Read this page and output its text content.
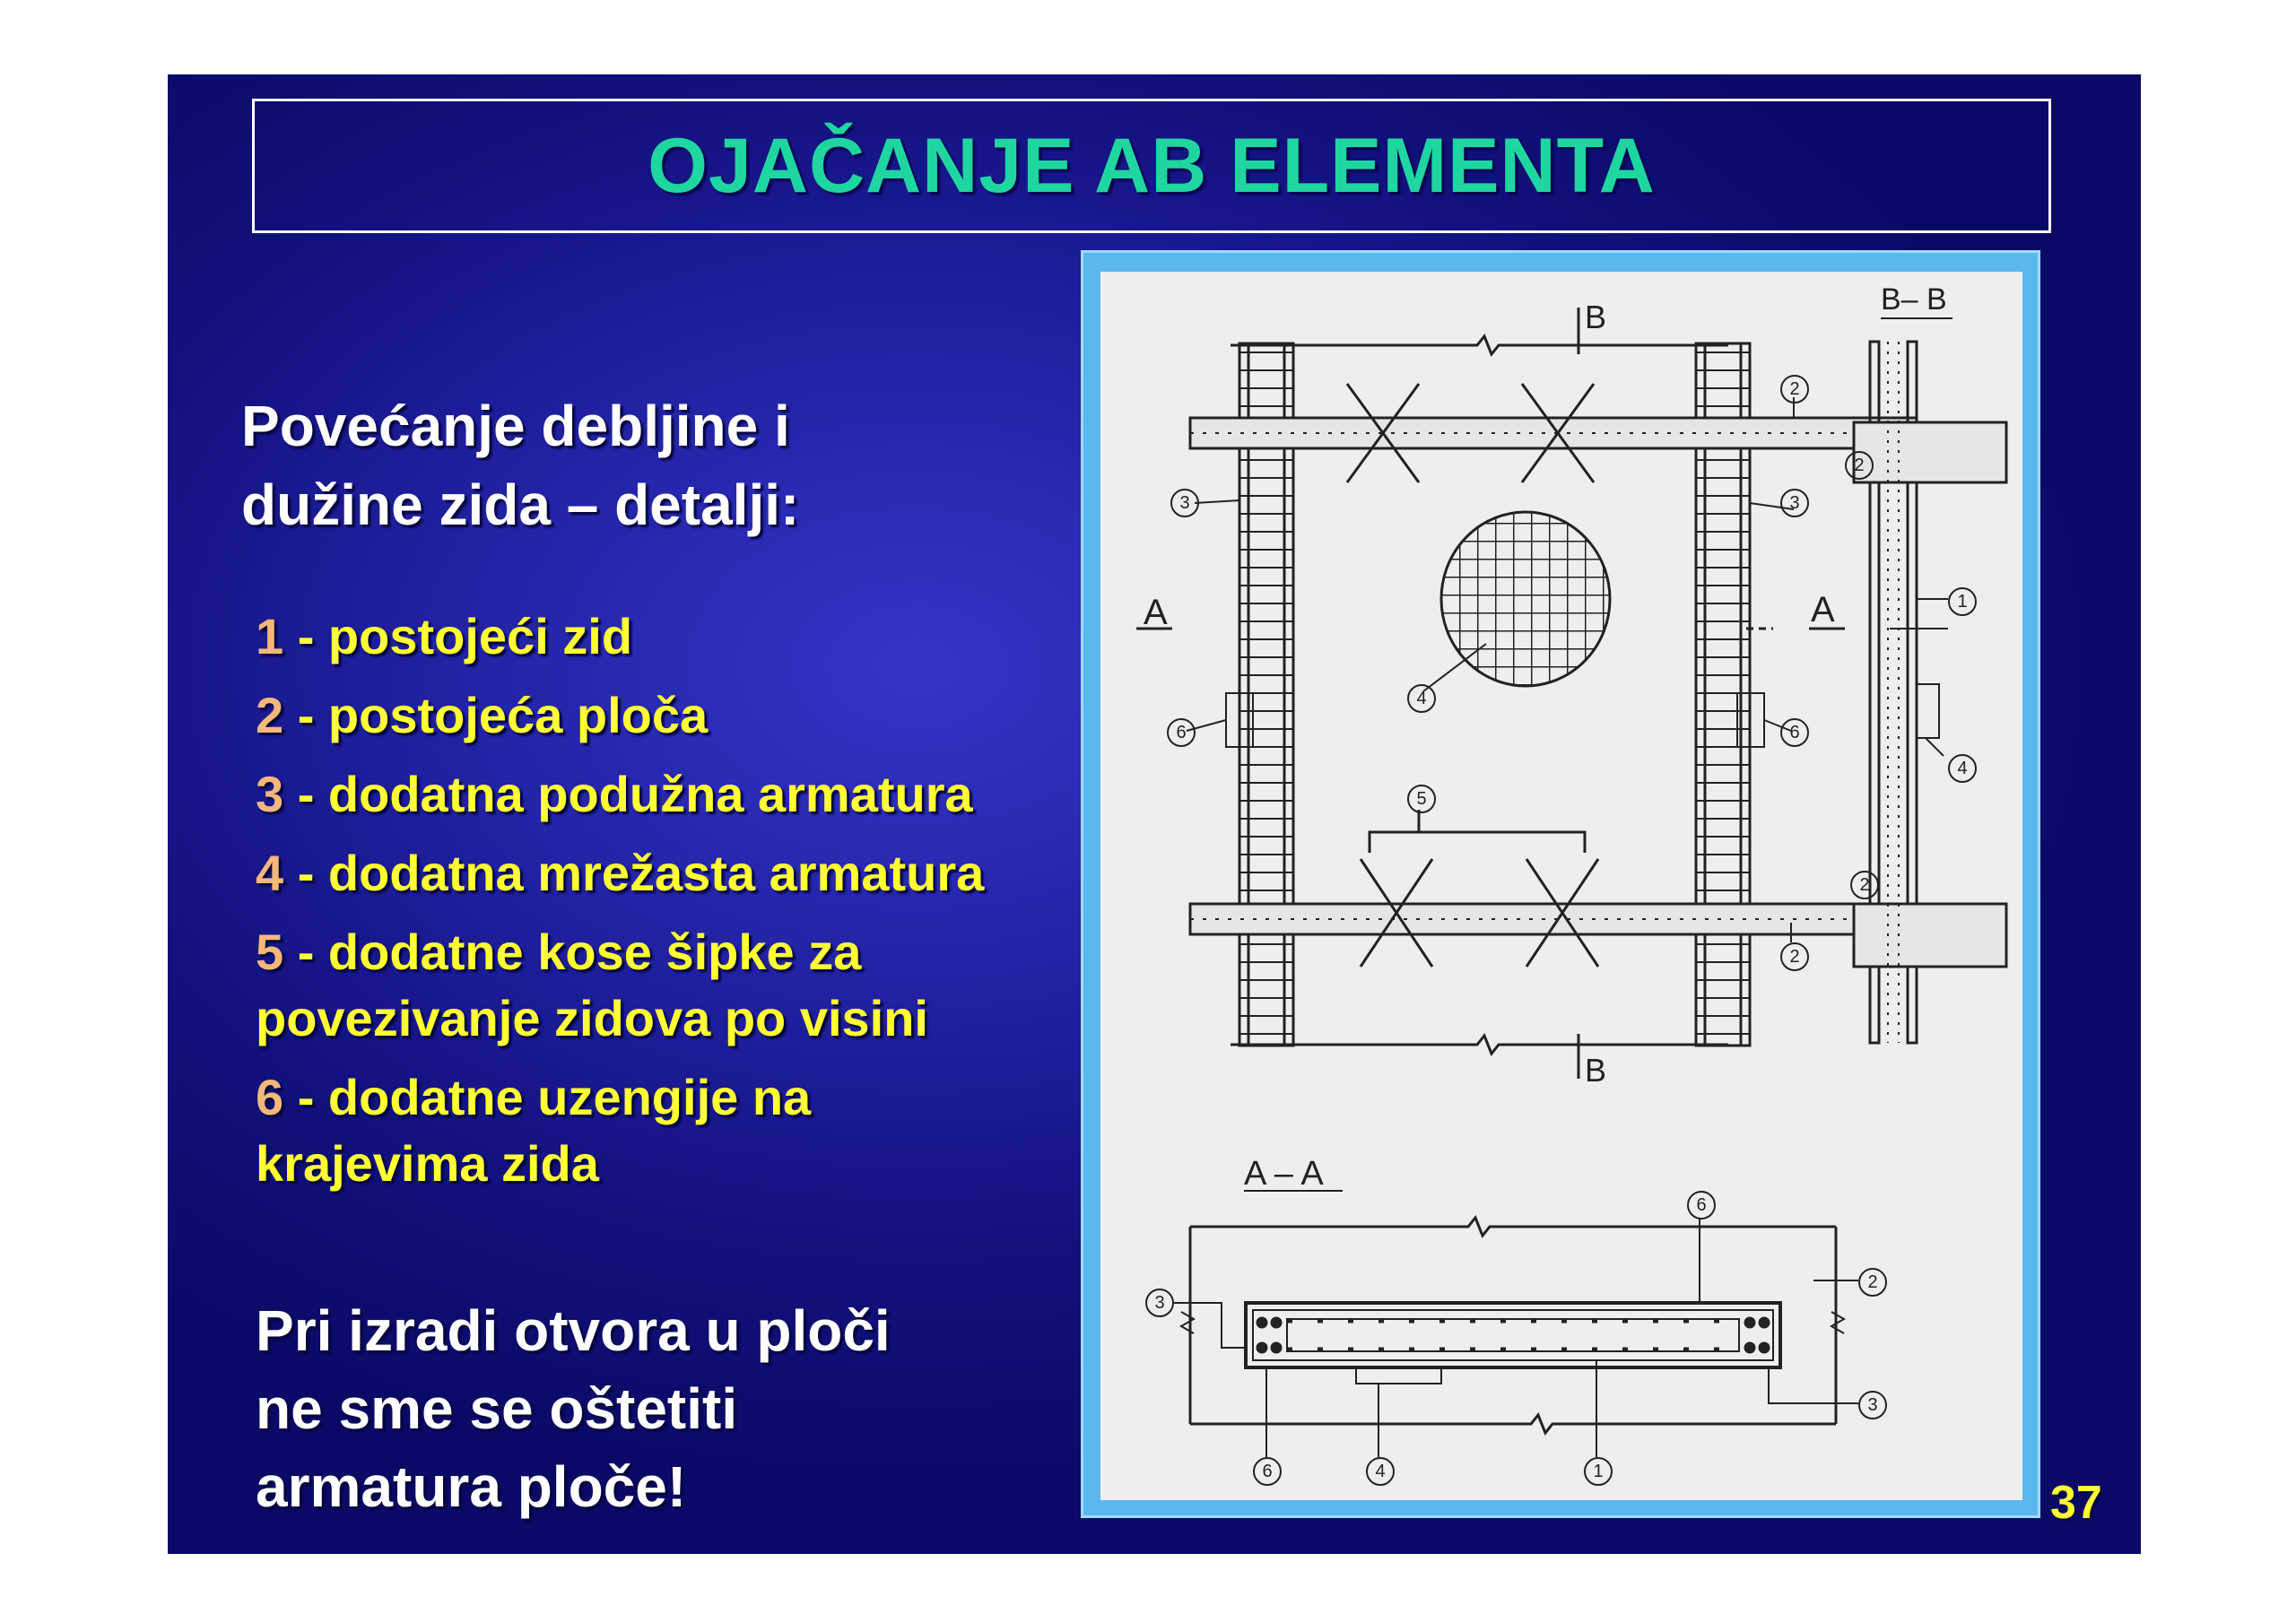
OJAČANJE AB ELEMENTA
Povećanje debljine i
dužine zida – detalji:
1 - postojeći zid
2 - postojeća ploča
3 - dodatna podužna armatura
4 - dodatna mrežasta armatura
5 - dodatne kose šipke za
povezivanje zidova po visini
6 - dodatne uzengije na
krajevima zida
Pri izradi otvora u ploči
ne sme se oštetiti
armatura ploče!
B
B
A	A
B– B
A – A
3	3
2
2
6	6
4
5
2
1
4
2
6
3
2
3
6	4	1
37
